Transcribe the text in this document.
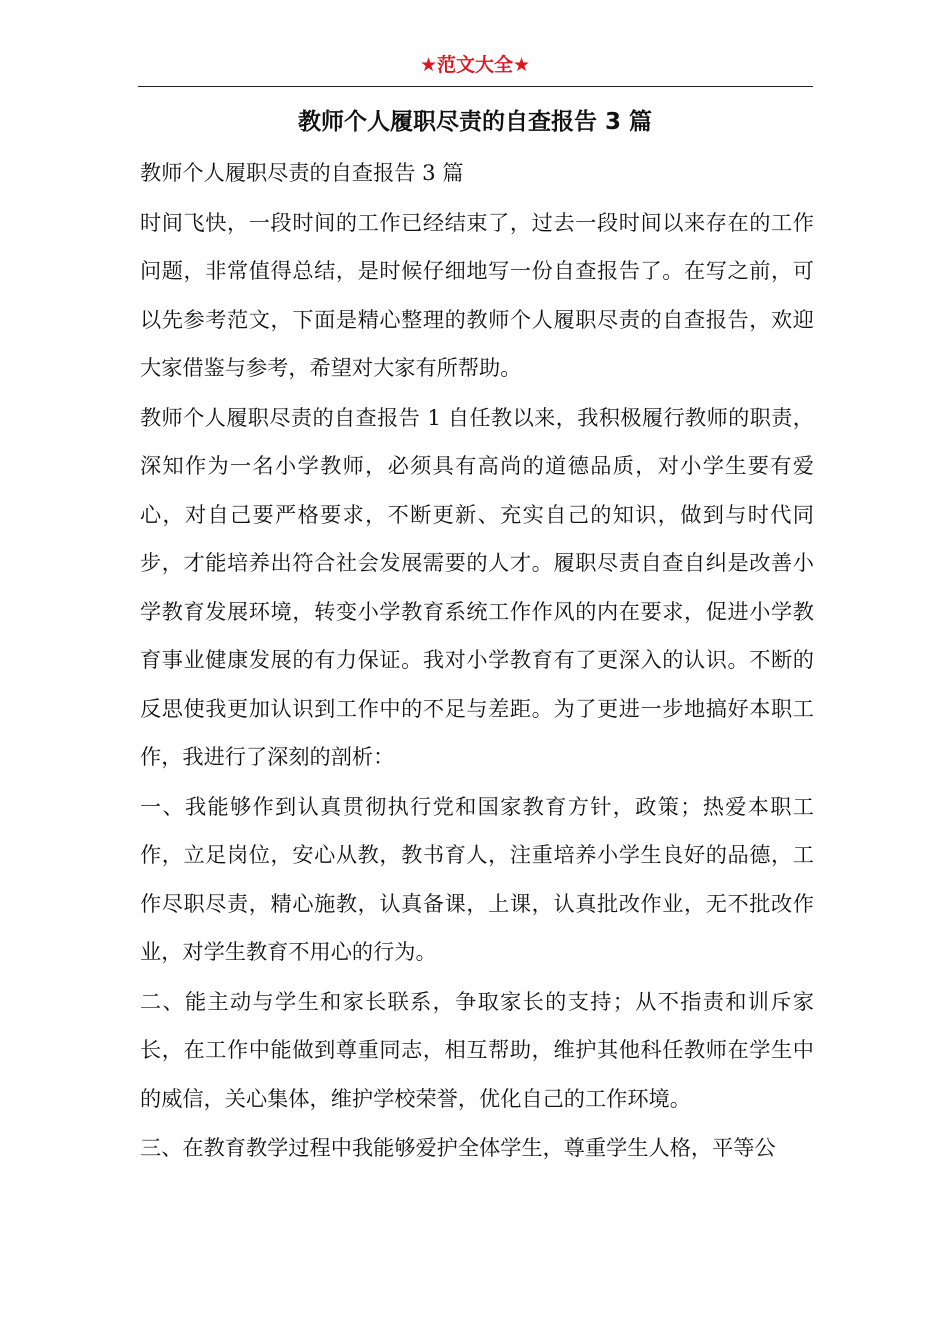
★范文大全★
教师个人履职尽责的自查报告 3 篇

教师个人履职尽责的自查报告 3 篇

时间飞快，一段时间的工作已经结束了，过去一段时间以来存在的工作问题，非常值得总结，是时候仔细地写一份自查报告了。在写之前，可以先参考范文，下面是精心整理的教师个人履职尽责的自查报告，欢迎大家借鉴与参考，希望对大家有所帮助。

教师个人履职尽责的自查报告 1 自任教以来，我积极履行教师的职责，深知作为一名小学教师，必须具有高尚的道德品质，对小学生要有爱心，对自己要严格要求，不断更新、充实自己的知识，做到与时代同步，才能培养出符合社会发展需要的人才。履职尽责自查自纠是改善小学教育发展环境，转变小学教育系统工作作风的内在要求，促进小学教育事业健康发展的有力保证。我对小学教育有了更深入的认识。不断的反思使我更加认识到工作中的不足与差距。为了更进一步地搞好本职工作，我进行了深刻的剖析：

一、我能够作到认真贯彻执行党和国家教育方针，政策；热爱本职工作，立足岗位，安心从教，教书育人，注重培养小学生良好的品德，工作尽职尽责，精心施教，认真备课，上课，认真批改作业，无不批改作业，对学生教育不用心的行为。

二、能主动与学生和家长联系，争取家长的支持；从不指责和训斥家长，在工作中能做到尊重同志，相互帮助，维护其他科任教师在学生中的威信，关心集体，维护学校荣誉，优化自己的工作环境。

三、在教育教学过程中我能够爱护全体学生，尊重学生人格，平等公
